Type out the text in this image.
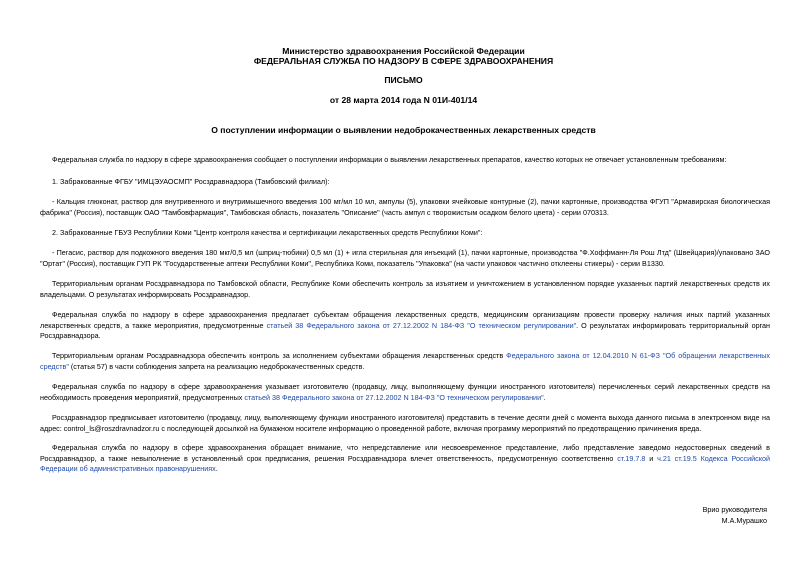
Министерство здравоохранения Российской Федерации
ФЕДЕРАЛЬНАЯ СЛУЖБА ПО НАДЗОРУ В СФЕРЕ ЗДРАВООХРАНЕНИЯ
ПИСЬМО
от 28 марта 2014 года N 01И-401/14
О поступлении информации о выявлении недоброкачественных лекарственных средств

Федеральная служба по надзору в сфере здравоохранения сообщает о поступлении информации о выявлении лекарственных препаратов, качество которых не отвечает установленным требованиям:

1. Забракованные ФГБУ "ИМЦЭУАОСМП" Росздравнадзора (Тамбовский филиал):

- Кальция глюконат, раствор для внутривенного и внутримышечного введения 100 мг/мл 10 мл, ампулы (5), упаковки ячейковые контурные (2), пачки картонные, производства ФГУП "Армавирская биологическая фабрика" (Россия), поставщик ОАО "Тамбовфармация", Тамбовская область, показатель "Описание" (часть ампул с творожистым осадком белого цвета) - серии 070313.

2. Забракованные ГБУЗ Республики Коми "Центр контроля качества и сертификации лекарственных средств Республики Коми":

- Пегасис, раствор для подкожного введения 180 мкг/0,5 мл (шприц-тюбики) 0,5 мл (1) + игла стерильная для инъекций (1), пачки картонные, производства "Ф.Хоффманн-Ля Рош Лтд" (Швейцария)/упаковано ЗАО "Ортат" (Россия), поставщик ГУП РК "Государственные аптеки Республики Коми", Республика Коми, показатель "Упаковка" (на части упаковок частично отклеены стикеры) - серии В1330.

Территориальным органам Росздравнадзора по Тамбовской области, Республике Коми обеспечить контроль за изъятием и уничтожением в установленном порядке указанных партий лекарственных средств их владельцами. О результатах информировать Росздравнадзор.

Федеральная служба по надзору в сфере здравоохранения предлагает субъектам обращения лекарственных средств, медицинским организациям провести проверку наличия иных партий указанных лекарственных средств, а также мероприятия, предусмотренные статьей 38 Федерального закона от 27.12.2002 N 184-ФЗ "О техническом регулировании". О результатах информировать территориальный орган Росздравнадзора.

Территориальным органам Росздравнадзора обеспечить контроль за исполнением субъектами обращения лекарственных средств Федерального закона от 12.04.2010 N 61-ФЗ "Об обращении лекарственных средств" (статья 57) в части соблюдения запрета на реализацию недоброкачественных средств.

Федеральная служба по надзору в сфере здравоохранения указывает изготовителю (продавцу, лицу, выполняющему функции иностранного изготовителя) перечисленных серий лекарственных средств на необходимость проведения мероприятий, предусмотренных статьей 38 Федерального закона от 27.12.2002 N 184-ФЗ "О техническом регулировании".

Росздравнадзор предписывает изготовителю (продавцу, лицу, выполняющему функции иностранного изготовителя) представить в течение десяти дней с момента выхода данного письма в электронном виде на адрес: control_ls@roszdravnadzor.ru с последующей досылкой на бумажном носителе информацию о проведенной работе, включая программу мероприятий по предотвращению причинения вреда.

Федеральная служба по надзору в сфере здравоохранения обращает внимание, что непредставление или несвоевременное представление, либо представление заведомо недостоверных сведений в Росздравнадзор, а также невыполнение в установленный срок предписания, решения Росздравнадзора влечет ответственность, предусмотренную соответственно ст.19.7.8 и ч.21 ст.19.5 Кодекса Российской Федерации об административных правонарушениях.

Врио руководителя
М.А.Мурашко
